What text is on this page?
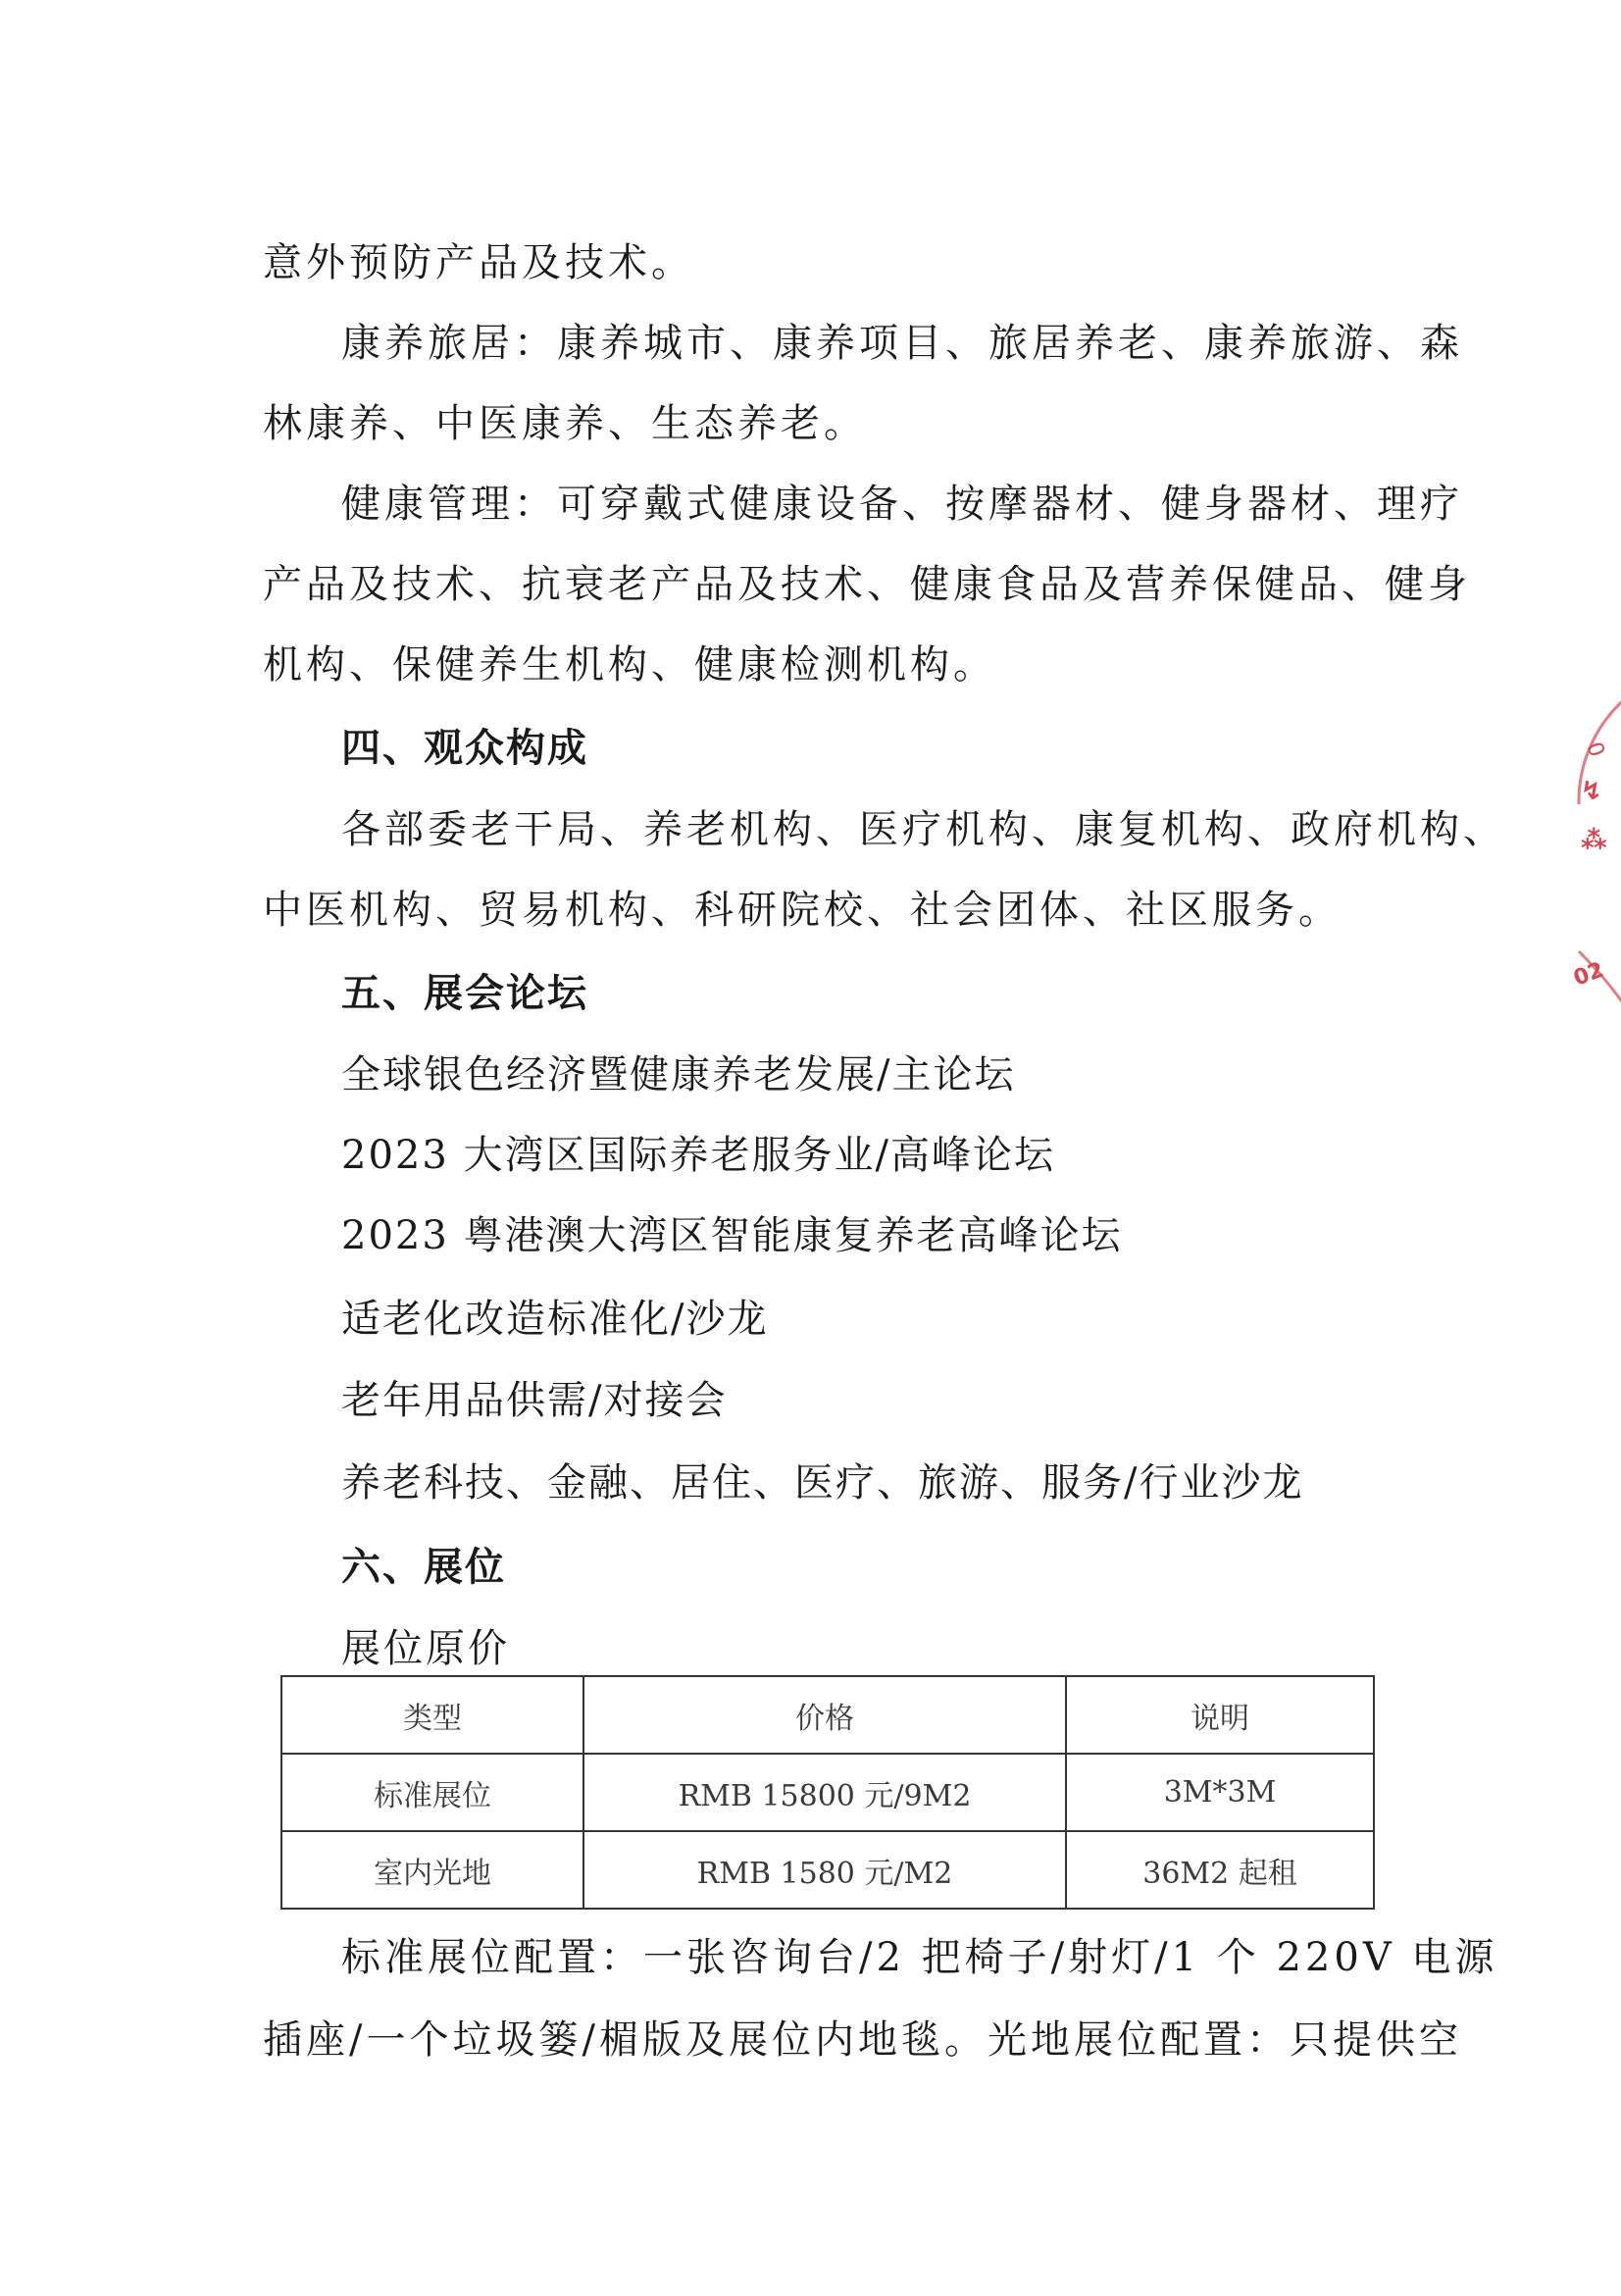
意外预防产品及技术。
康养旅居：康养城市、康养项目、旅居养老、康养旅游、森
林康养、中医康养、生态养老。
健康管理：可穿戴式健康设备、按摩器材、健身器材、理疗
产品及技术、抗衰老产品及技术、健康食品及营养保健品、健身
机构、保健养生机构、健康检测机构。
四、观众构成
各部委老干局、养老机构、医疗机构、康复机构、政府机构、
中医机构、贸易机构、科研院校、社会团体、社区服务。
五、展会论坛
全球银色经济暨健康养老发展/主论坛
2023 大湾区国际养老服务业/高峰论坛
2023 粤港澳大湾区智能康复养老高峰论坛
适老化改造标准化/沙龙
老年用品供需/对接会
养老科技、金融、居住、医疗、旅游、服务/行业沙龙
六、展位
展位原价
类型	价格	说明
标准展位	RMB 15800 元/9M2	3M*3M
室内光地	RMB 1580 元/M2	36M2 起租
标准展位配置：一张咨询台/2 把椅子/射灯/1 个 220V 电源
插座/一个垃圾篓/楣版及展位内地毯。光地展位配置：只提供空
0
↯
⁂
02
